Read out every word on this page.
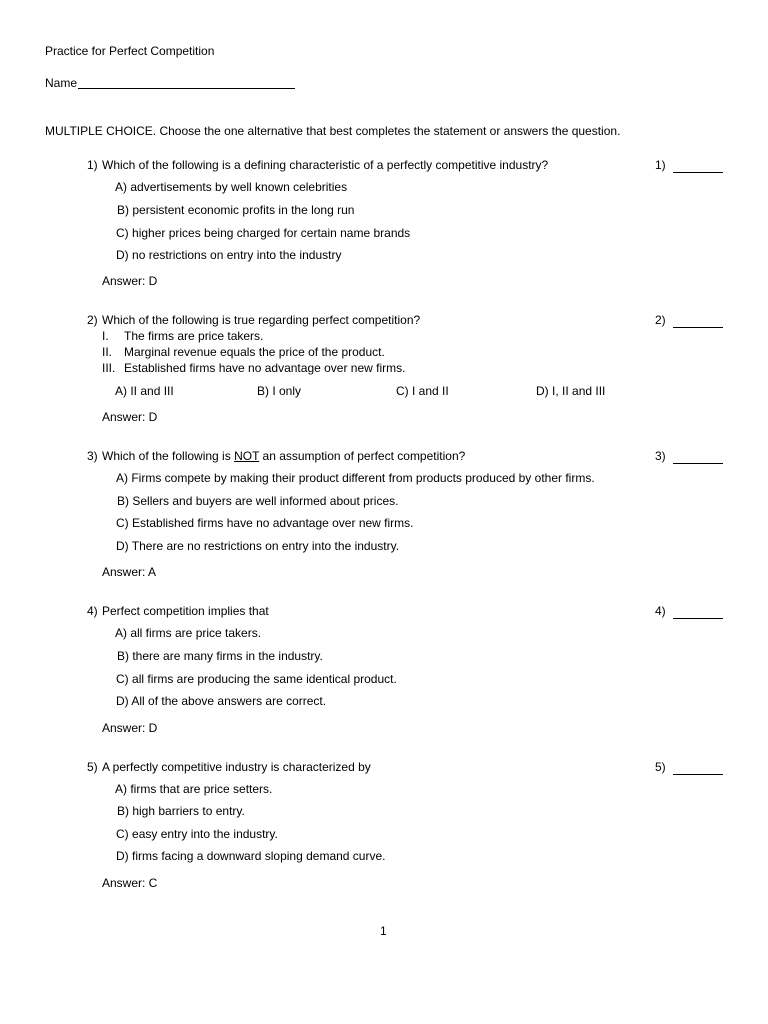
Practice for Perfect Competition
Name
MULTIPLE CHOICE. Choose the one alternative that best completes the statement or answers the question.
1) Which of the following is a defining characteristic of a perfectly competitive industry?	1)
A) advertisements by well known celebrities
B) persistent economic profits in the long run
C) higher prices being charged for certain name brands
D) no restrictions on entry into the industry
Answer: D
2) Which of the following is true regarding perfect competition?	2)
I. The firms are price takers.
II. Marginal revenue equals the price of the product.
III. Established firms have no advantage over new firms.
A) II and III	B) I only	C) I and II	D) I, II and III
Answer: D
3) Which of the following is NOT an assumption of perfect competition?	3)
A) Firms compete by making their product different from products produced by other firms.
B) Sellers and buyers are well informed about prices.
C) Established firms have no advantage over new firms.
D) There are no restrictions on entry into the industry.
Answer: A
4) Perfect competition implies that	4)
A) all firms are price takers.
B) there are many firms in the industry.
C) all firms are producing the same identical product.
D) All of the above answers are correct.
Answer: D
5) A perfectly competitive industry is characterized by	5)
A) firms that are price setters.
B) high barriers to entry.
C) easy entry into the industry.
D) firms facing a downward sloping demand curve.
Answer: C
1
